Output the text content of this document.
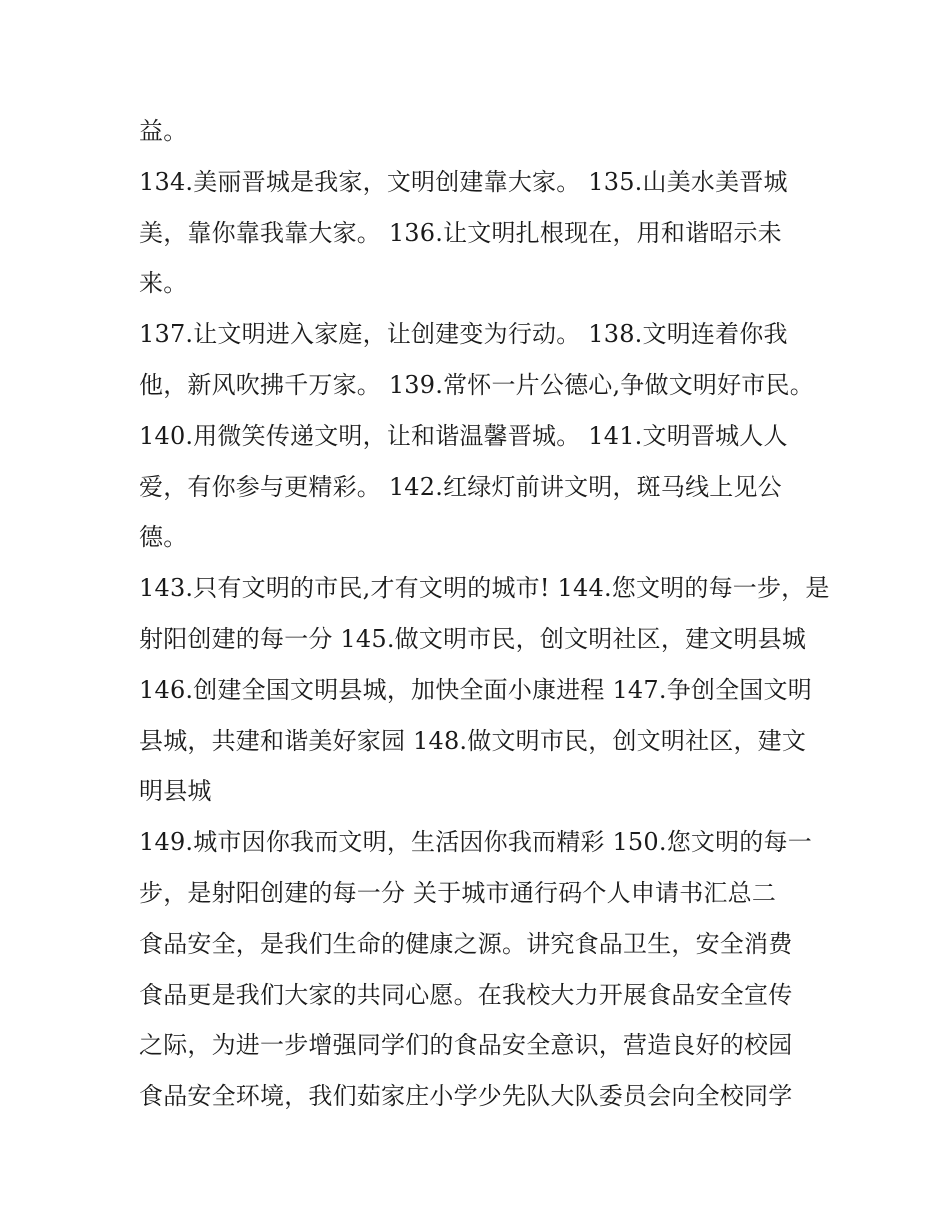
益。
134.美丽晋城是我家，文明创建靠大家。 135.山美水美晋城
美，靠你靠我靠大家。 136.让文明扎根现在，用和谐昭示未
来。
137.让文明进入家庭，让创建变为行动。 138.文明连着你我
他，新风吹拂千万家。 139.常怀一片公德心,争做文明好市民。
140.用微笑传递文明，让和谐温馨晋城。 141.文明晋城人人
爱，有你参与更精彩。 142.红绿灯前讲文明，斑马线上见公
德。
143.只有文明的市民,才有文明的城市! 144.您文明的每一步，是
射阳创建的每一分 145.做文明市民，创文明社区，建文明县城
146.创建全国文明县城，加快全面小康进程 147.争创全国文明
县城，共建和谐美好家园 148.做文明市民，创文明社区，建文
明县城
149.城市因你我而文明，生活因你我而精彩 150.您文明的每一
步，是射阳创建的每一分 关于城市通行码个人申请书汇总二
食品安全，是我们生命的健康之源。讲究食品卫生，安全消费
食品更是我们大家的共同心愿。在我校大力开展食品安全宣传
之际，为进一步增强同学们的食品安全意识，营造良好的校园
食品安全环境，我们茹家庄小学少先队大队委员会向全校同学
